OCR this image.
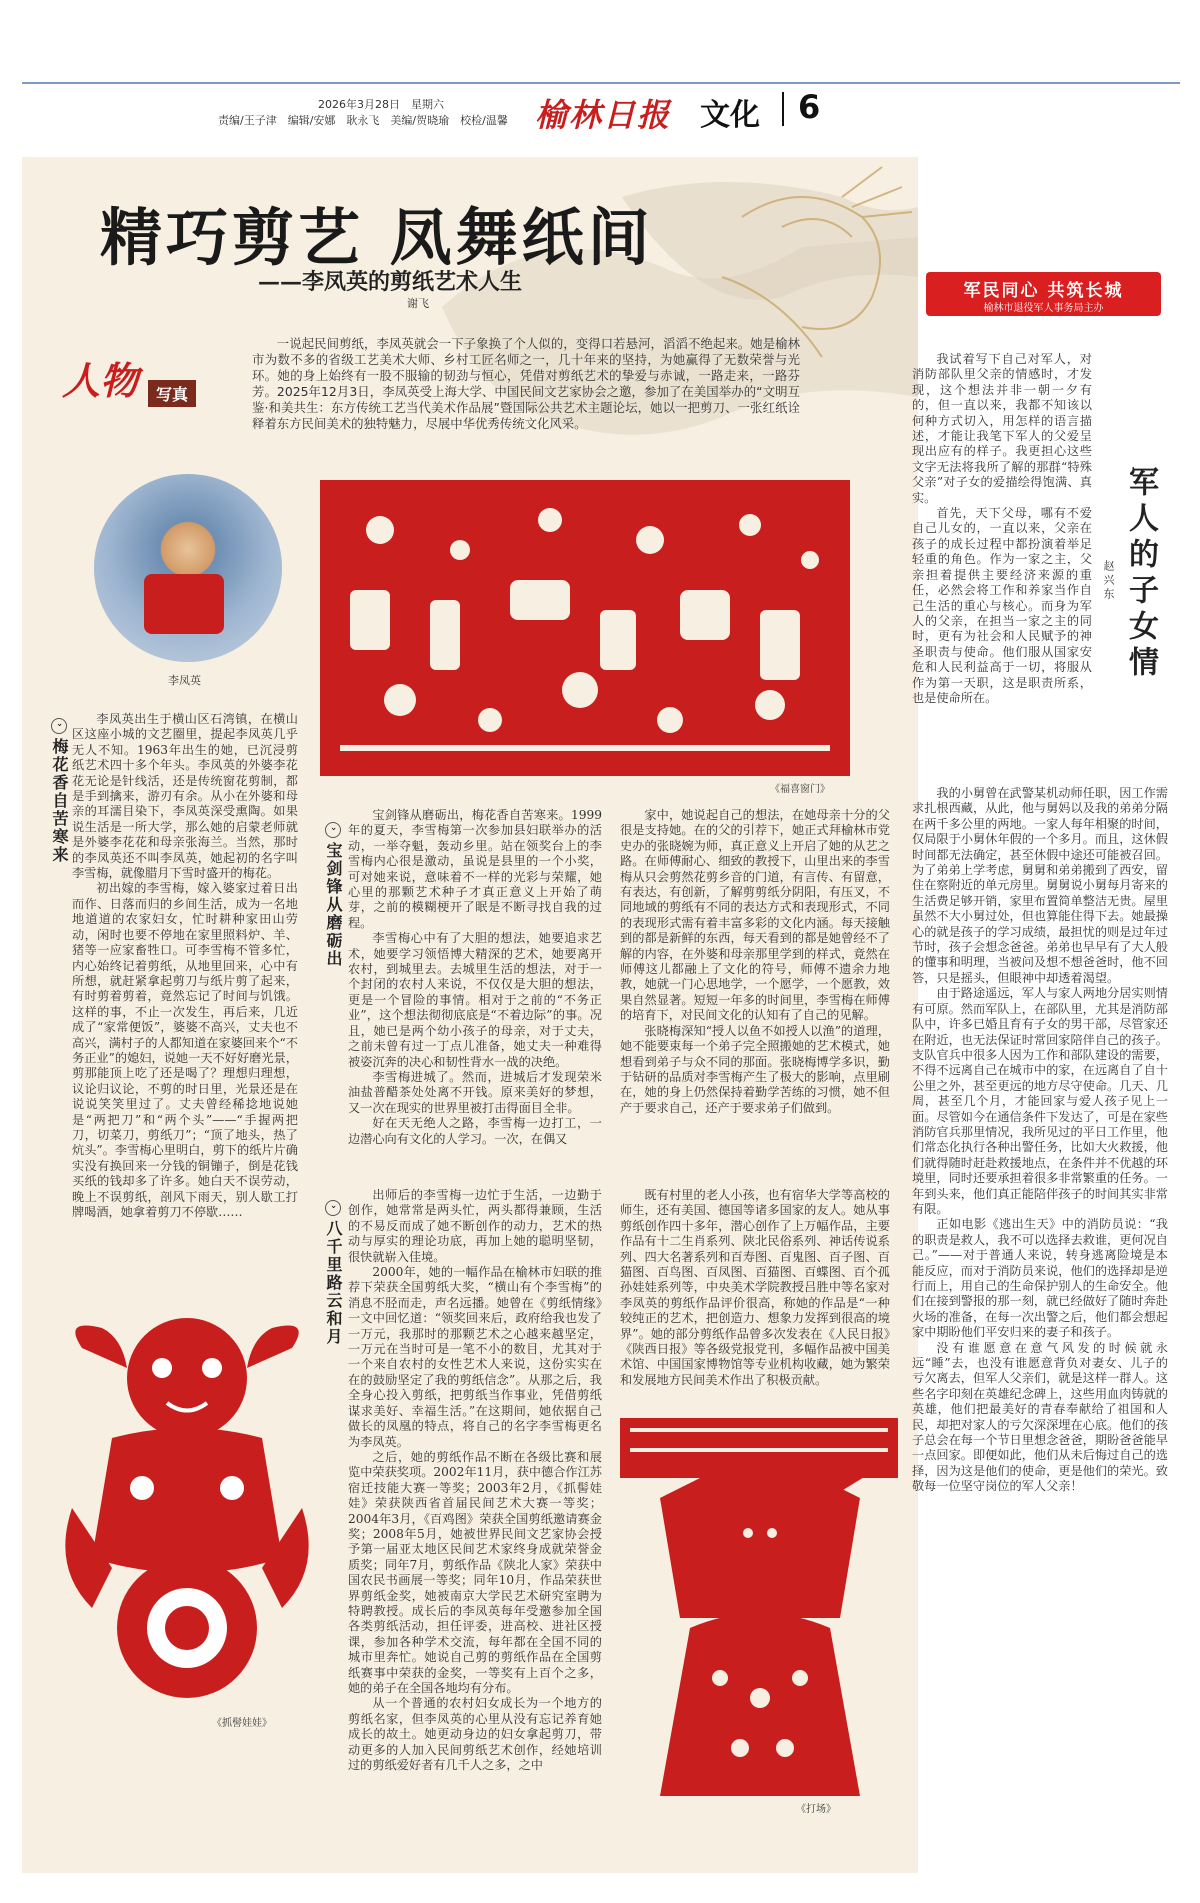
2026年3月28日　星期六
责编/王子津　编辑/安娜　耿永飞　美编/贺晓瑜　校检/温馨 榆林日报 文化 6
精巧剪艺 凤舞纸间
——李凤英的剪纸艺术人生
谢飞
人物	写真
一说起民间剪纸，李凤英就会一下子象换了个人似的，变得口若悬河，滔滔不绝起来。她是榆林市为数不多的省级工艺美术大师、乡村工匠名师之一，几十年来的坚持，为她赢得了无数荣誉与光环。她的身上始终有一股不服输的韧劲与恒心，凭借对剪纸艺术的挚爱与赤诚，一路走来，一路芬芳。2025年12月3日，李凤英受上海大学、中国民间文艺家协会之邀，参加了在美国举办的“文明互鉴·和美共生：东方传统工艺当代美术作品展”暨国际公共艺术主题论坛，她以一把剪刀、一张红纸诠释着东方民间美术的独特魅力，尽展中华优秀传统文化风采。
李凤英
《福喜窗门》
›梅花香自苦寒来

李凤英出生于横山区石湾镇，在横山区这座小城的文艺圈里，提起李凤英几乎无人不知。1963年出生的她，已沉浸剪纸艺术四十多个年头。李凤英的外婆李花花无论是针线活，还是传统窗花剪制，都是手到擒来，游刃有余。从小在外婆和母亲的耳濡目染下，李凤英深受熏陶。如果说生活是一所大学，那么她的启蒙老师就是外婆李花花和母亲张海兰。当然，那时的李凤英还不叫李凤英，她起初的名字叫李雪梅，就像腊月下雪时盛开的梅花。

初出嫁的李雪梅，嫁入婆家过着日出而作、日落而归的乡间生活，成为一名地地道道的农家妇女，忙时耕种家田山劳动，闲时也要不停地在家里照料炉、羊、猪等一应家畜牲口。可李雪梅不管多忙，内心始终记着剪纸，从地里回来，心中有所想，就赶紧拿起剪刀与纸片剪了起来，有时剪着剪着，竟然忘记了时间与饥饿。这样的事，不止一次发生，再后来，几近成了“家常便饭”，婆婆不高兴，丈夫也不高兴，满村子的人都知道在家婆回来个“不务正业”的媳妇，说她一天不好好磨光景，剪那能顶上吃了还是喝了？理想归理想，议论归议论，不剪的时日里，光景还是在说说笑笑里过了。丈夫曾经稀捻地说她是“两把刀”和“两个头”——“手握两把刀，切菜刀，剪纸刀”；“顶了地头，热了炕头”。李雪梅心里明白，剪下的纸片片确实没有换回来一分钱的铜镚子，倒是花钱买纸的钱却多了许多。她白天不误劳动，晚上不误剪纸，剖风下雨天，别人歇工打牌喝酒，她拿着剪刀不停歇……

›宝剑锋从磨砺出

宝剑锋从磨砺出，梅花香自苦寒来。1999年的夏天，李雪梅第一次参加县妇联举办的活动，一举夺魁，轰动乡里。站在领奖台上的李雪梅内心很是激动，虽说是县里的一个小奖，可对她来说，意味着不一样的光彩与荣耀，她心里的那颗艺术种子才真正意义上开始了萌芽，之前的模糊梗开了眠是不断寻找自我的过程。

李雪梅心中有了大胆的想法，她要追求艺术，她要学习领悟博大精深的艺术，她要离开农村，到城里去。去城里生活的想法，对于一个封闭的农村人来说，不仅仅是大胆的想法，更是一个冒险的事情。相对于之前的“不务正业”，这个想法彻彻底底是“不着边际”的事。况且，她已是两个幼小孩子的母亲，对于丈夫，之前未曾有过一丁点儿准备，她丈夫一种难得被姿沉奔的决心和韧性背水一战的决绝。

李雪梅进城了。然而，进城后才发现荣米油盐普醋茶处处离不开钱。原来美好的梦想，又一次在现实的世界里被打击得面目全非。

好在天无绝人之路，李雪梅一边打工，一边潜心向有文化的人学习。一次，在偶又

家中，她说起自己的想法，在她母亲十分的父很是支持她。在的父的引荐下，她正式拜榆林市党史办的张晓婉为师，真正意义上开启了她的从艺之路。在师傅耐心、细致的教授下，山里出来的李雪梅从只会剪然花剪乡音的门道，有言传、有留意，有表达，有创新，了解剪剪纸分阴阳，有压叉，不同地域的剪纸有不同的表达方式和表现形式，不同的表现形式需有着丰富多彩的文化内涵。每天接触到的都是新鲜的东西，每天看到的都是她曾经不了解的内容，在外婆和母亲那里学到的样式，竟然在师傅这儿都融上了文化的符号，师傅不遗余力地教，她就一门心思地学，一个愿学，一个愿教，效果自然显著。短短一年多的时间里，李雪梅在师傅的培育下，对民间文化的认知有了自己的见解。

张晓梅深知“授人以鱼不如授人以渔”的道理，她不能要束每一个弟子完全照搬她的艺术模式，她想看到弟子与众不同的那面。张晓梅博学多识，勤于钻研的品质对李雪梅产生了极大的影响，点里刷在，她的身上仍然保持着勤学苦练的习惯，她不但产于要求自己，还产于要求弟子们做到。

›八千里路云和月

出师后的李雪梅一边忙于生活，一边勤于创作，她常常是两头忙，两头都得兼顾，生活的不易反而成了她不断创作的动力，艺术的热动与厚实的理论功底，再加上她的聪明坚韧，很快就崭入佳境。

2000年，她的一幅作品在榆林市妇联的推荐下荣获全国剪纸大奖，“横山有个李雪梅”的消息不胫而走，声名远播。她曾在《剪纸情缘》一文中回忆道：“领奖回来后，政府给我也发了一万元，我那时的那颗艺术之心越来越坚定，一万元在当时可是一笔不小的数目，尤其对于一个来自农村的女性艺术人来说，这份实实在在的鼓励坚定了我的剪纸信念”。从那之后，我全身心投入剪纸，把剪纸当作事业，凭借剪纸谋求美好、幸福生活。”在这期间，她依据自己做长的凤凰的特点，将自己的名字李雪梅更名为李凤英。

之后，她的剪纸作品不断在各级比赛和展览中荣获奖项。2002年11月，获中德合作江苏宿迁技能大赛一等奖；2003年2月，《抓髻娃娃》荣获陕西省首届民间艺术大赛一等奖；2004年3月，《百鸡图》荣获全国剪纸邀请赛金奖；2008年5月，她被世界民间文艺家协会授予第一届亚太地区民间艺术家终身成就荣誉金质奖；同年7月，剪纸作品《陕北人家》荣获中国农民书画展一等奖；同年10月，作品荣获世界剪纸金奖，她被南京大学民艺术研究室聘为特聘教授。成长后的李凤英每年受邀参加全国各类剪纸活动，担任评委，进高校、进社区授课，参加各种学术交流，每年都在全国不同的城市里奔忙。她说自己剪的剪纸作品在全国剪纸赛事中荣获的金奖，一等奖有上百个之多，她的弟子在全国各地均有分布。

从一个普通的农村妇女成长为一个地方的剪纸名家，但李凤英的心里从没有忘记养育她成长的故土。她更动身边的妇女拿起剪刀，带动更多的人加入民间剪纸艺术创作，经她培训过的剪纸爱好者有几千人之多，之中

既有村里的老人小孩，也有宿华大学等高校的师生，还有美国、德国等诸多国家的友人。她从事剪纸创作四十多年，潜心创作了上万幅作品，主要作品有十二生肖系列、陕北民俗系列、神话传说系列、四大名著系列和百寿图、百鬼图、百子图、百猫图、百鸟图、百凤图、百猫图、百蝶图、百个孤孙娃娃系列等，中央美术学院教授吕胜中等名家对李凤英的剪纸作品评价很高，称她的作品是“一种较纯正的艺术，把创造力、想象力发挥到很高的境界”。她的部分剪纸作品曾多次发表在《人民日报》《陕西日报》等各级党报党刊，多幅作品被中国美术馆、中国国家博物馆等专业机构收藏，她为繁荣和发展地方民间美术作出了积极贡献。

《抓髻娃娃》
《打场》
军民同心 共筑长城
榆林市退役军人事务局主办
军人的子女情
赵兴东

我试着写下自己对军人，对消防部队里父亲的情感时，才发现，这个想法并非一朝一夕有的，但一直以来，我都不知该以何种方式切入，用怎样的语言描述，才能让我笔下军人的父爱呈现出应有的样子。我更担心这些文字无法将我所了解的那群“特殊父亲”对子女的爱描绘得饱满、真实。

首先，天下父母，哪有不爱自己儿女的，一直以来，父亲在孩子的成长过程中都扮演着举足轻重的角色。作为一家之主，父亲担着提供主要经济来源的重任，必然会将工作和养家当作自己生活的重心与核心。而身为军人的父亲，在担当一家之主的同时，更有为社会和人民赋予的神圣职责与使命。他们服从国家安危和人民利益高于一切，将服从作为第一天职，这是职责所系，也是使命所在。

我的小舅曾在武警某机动师任职，因工作需求扎根西藏，从此，他与舅妈以及我的弟弟分隔在两千多公里的两地。一家人每年相聚的时间，仅局限于小舅休年假的一个多月。而且，这休假时间都无法确定，甚至休假中途还可能被召回。为了弟弟上学考虑，舅舅和弟弟搬到了西安，留住在察附近的单元房里。舅舅说小舅每月寄来的生活费足够开销，家里布置简单整洁无贵。屋里虽然不大小舅过处，但也算能住得下去。她最操心的就是孩子的学习成绩，最担忧的则是过年过节时，孩子会想念爸爸。弟弟也早早有了大人般的懂事和明理，当被问及想不想爸爸时，他不回答，只是摇头，但眼神中却透着渴望。

由于路途遥远，军人与家人两地分居实则情有可原。然而军队上，在部队里，尤其是消防部队中，许多已婚且育有子女的男干部，尽管家还在附近，也无法保证时常回家陪伴自己的孩子。支队官兵中很多人因为工作和部队建设的需要，不得不远离自己在城市中的家，在远离自了自十公里之外，甚至更远的地方尽守使命。几天、几周，甚至几个月，才能回家与爱人孩子见上一面。尽管如今在通信条件下发达了，可是在家些消防官兵那里情况，我所见过的平日工作里，他们常态化执行各种出警任务，比如大火救援，他们就得随时赶赴救援地点，在条件并不优越的环境里，同时还要承担着很多非常繁重的任务。一年到头来，他们真正能陪伴孩子的时间其实非常有限。

正如电影《逃出生天》中的消防员说：“我的职责是救人，我不可以选择去救谁，更何况自己。”——对于普通人来说，转身逃离险境是本能反应，而对于消防员来说，他们的选择却是逆行而上，用自己的生命保护别人的生命安全。他们在接到警报的那一刻，就已经做好了随时奔赴火场的准备，在每一次出警之后，他们都会想起家中期盼他们平安归来的妻子和孩子。

没有谁愿意在意气风发的时候就永远“睡”去，也没有谁愿意背负对妻女、儿子的亏欠离去，但军人父亲们，就是这样一群人。这些名字印刻在英雄纪念碑上，这些用血肉铸就的英雄，他们把最美好的青春奉献给了祖国和人民，却把对家人的亏欠深深埋在心底。他们的孩子总会在每一个节日里想念爸爸，期盼爸爸能早一点回家。即便如此，他们从未后悔过自己的选择，因为这是他们的使命，更是他们的荣光。致敬每一位坚守岗位的军人父亲！
